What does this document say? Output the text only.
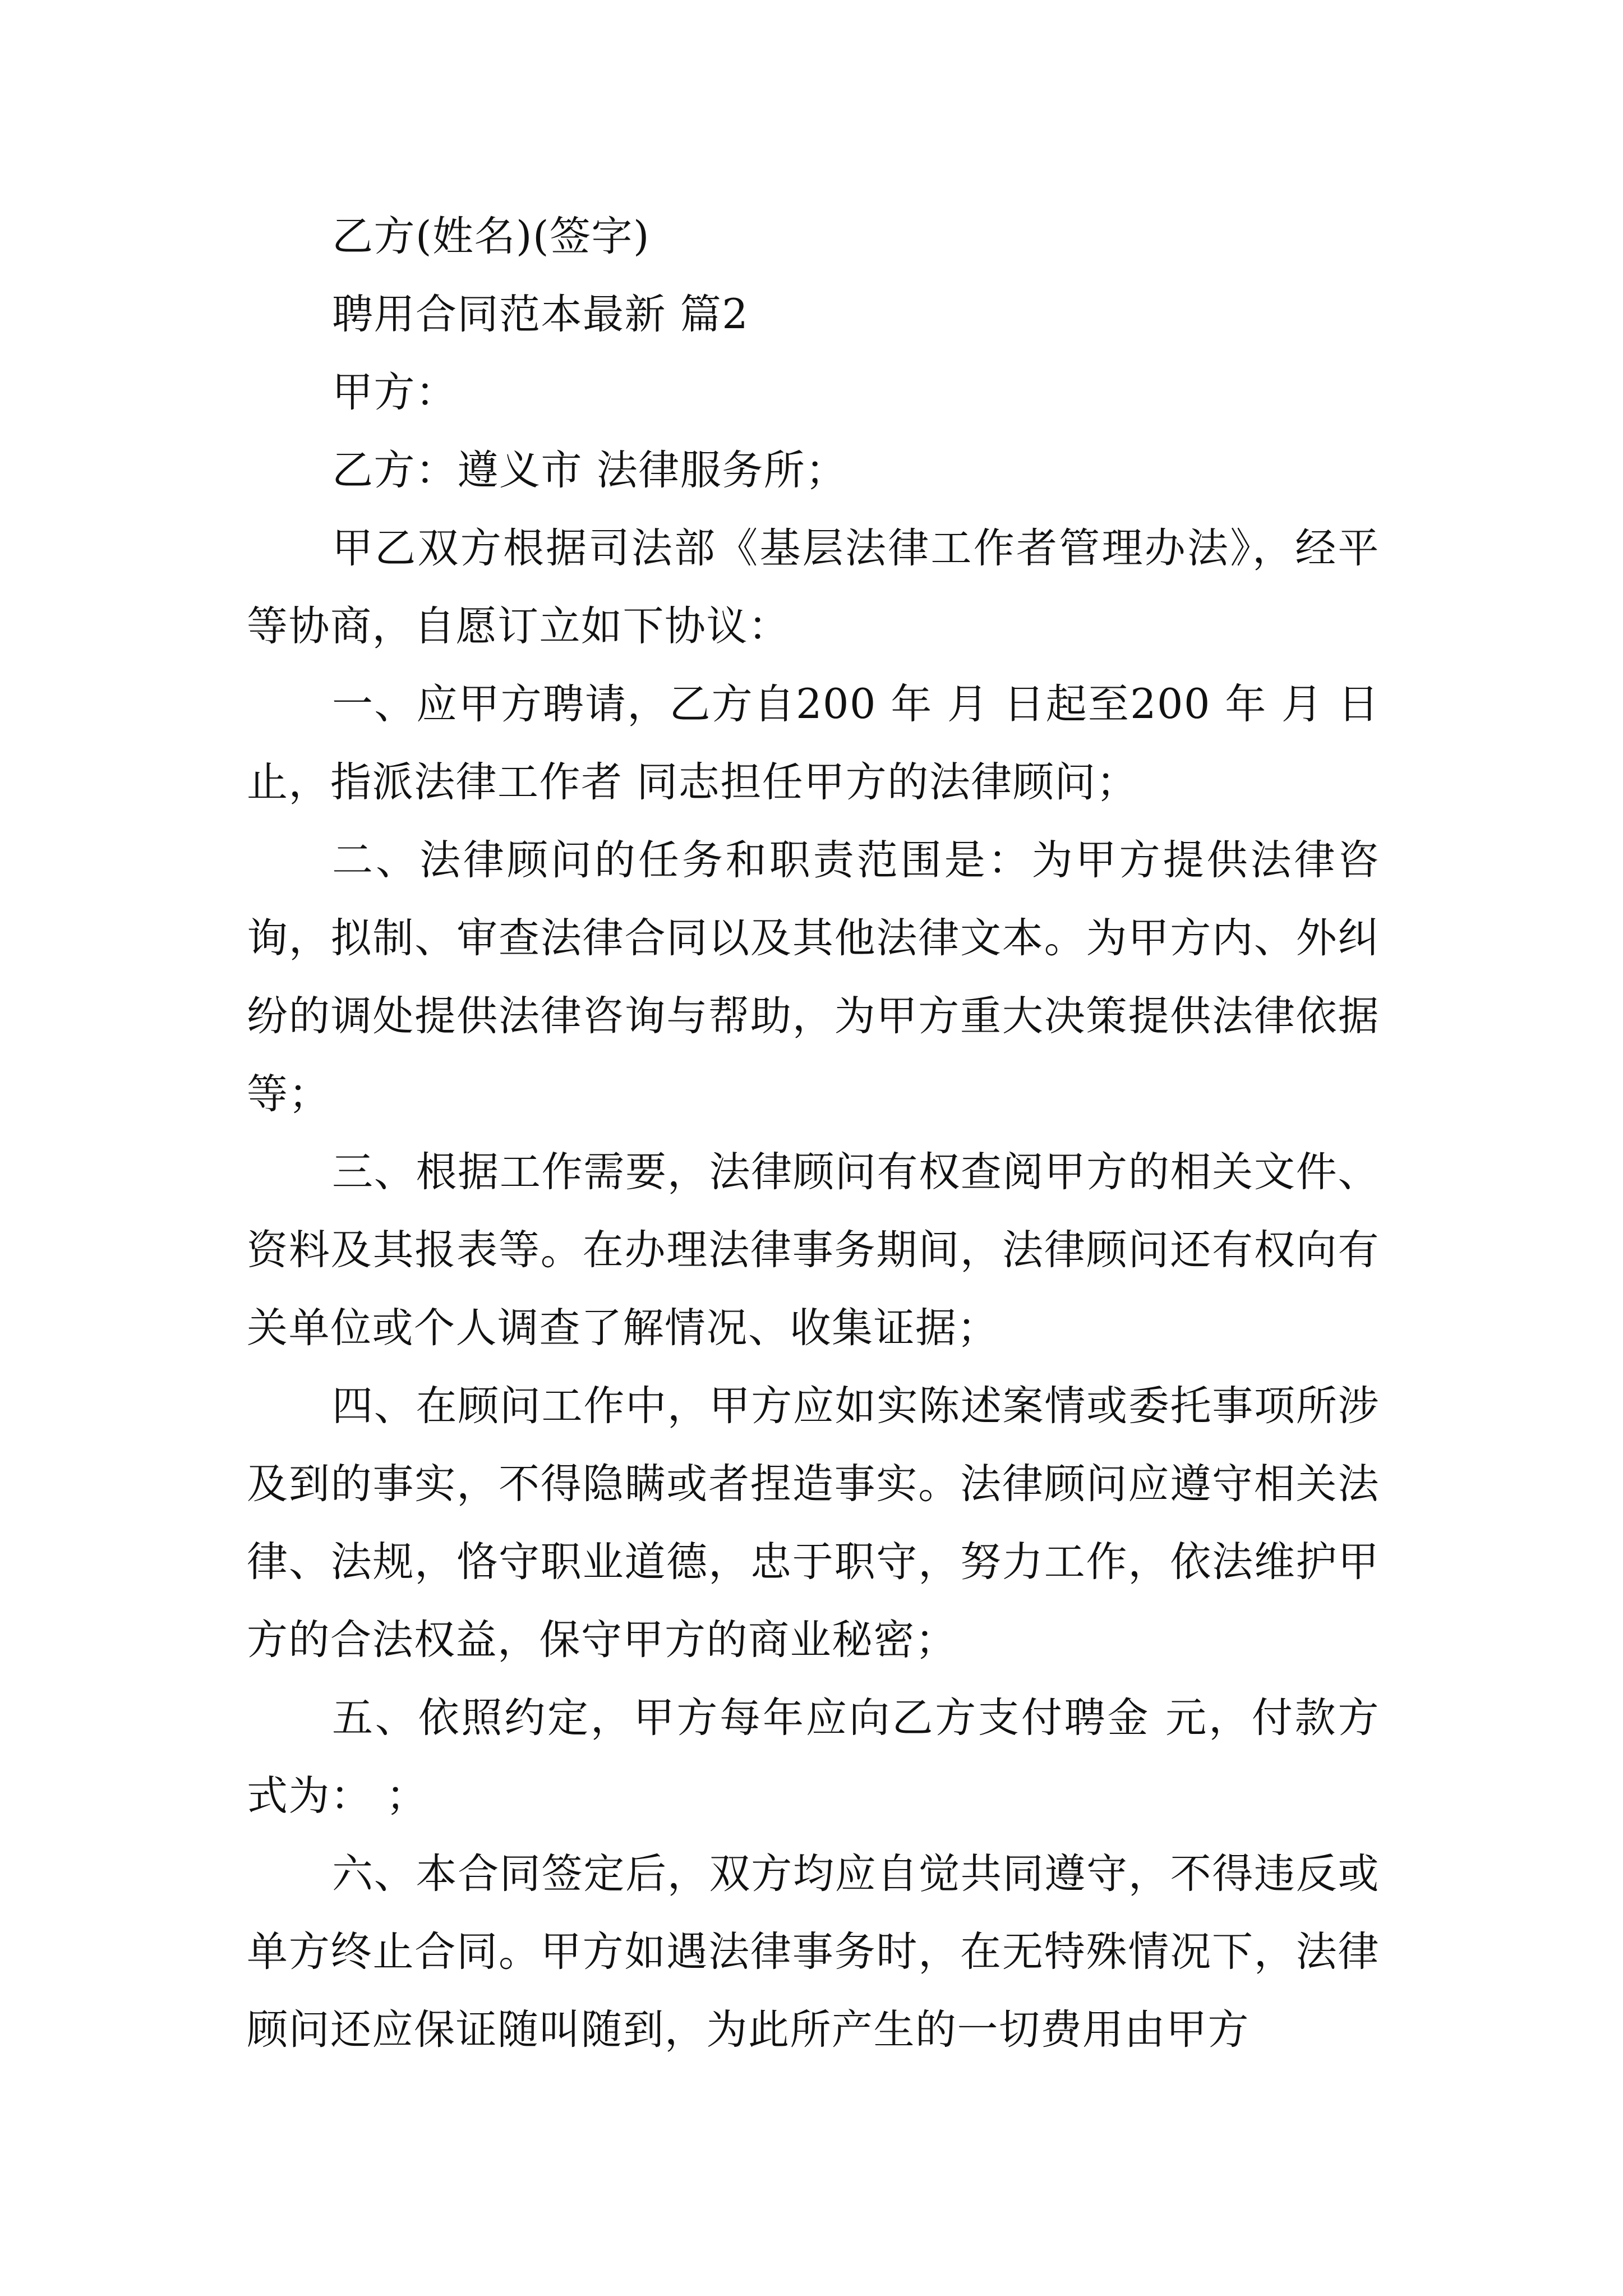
乙方(姓名)(签字)

聘用合同范本最新 篇2

甲方：

乙方：遵义市 法律服务所；

甲乙双方根据司法部《基层法律工作者管理办法》，经平等协商，自愿订立如下协议：

一、应甲方聘请，乙方自200 年 月 日起至200 年 月 日止，指派法律工作者 同志担任甲方的法律顾问；

二、法律顾问的任务和职责范围是：为甲方提供法律咨询，拟制、审查法律合同以及其他法律文本。为甲方内、外纠纷的调处提供法律咨询与帮助，为甲方重大决策提供法律依据等；

三、根据工作需要，法律顾问有权查阅甲方的相关文件、资料及其报表等。在办理法律事务期间，法律顾问还有权向有关单位或个人调查了解情况、收集证据；

四、在顾问工作中，甲方应如实陈述案情或委托事项所涉及到的事实，不得隐瞒或者捏造事实。法律顾问应遵守相关法律、法规，恪守职业道德，忠于职守，努力工作，依法维护甲方的合法权益，保守甲方的商业秘密；

五、依照约定，甲方每年应向乙方支付聘金 元，付款方式为： ；

六、本合同签定后，双方均应自觉共同遵守，不得违反或单方终止合同。甲方如遇法律事务时，在无特殊情况下，法律顾问还应保证随叫随到，为此所产生的一切费用由甲方
